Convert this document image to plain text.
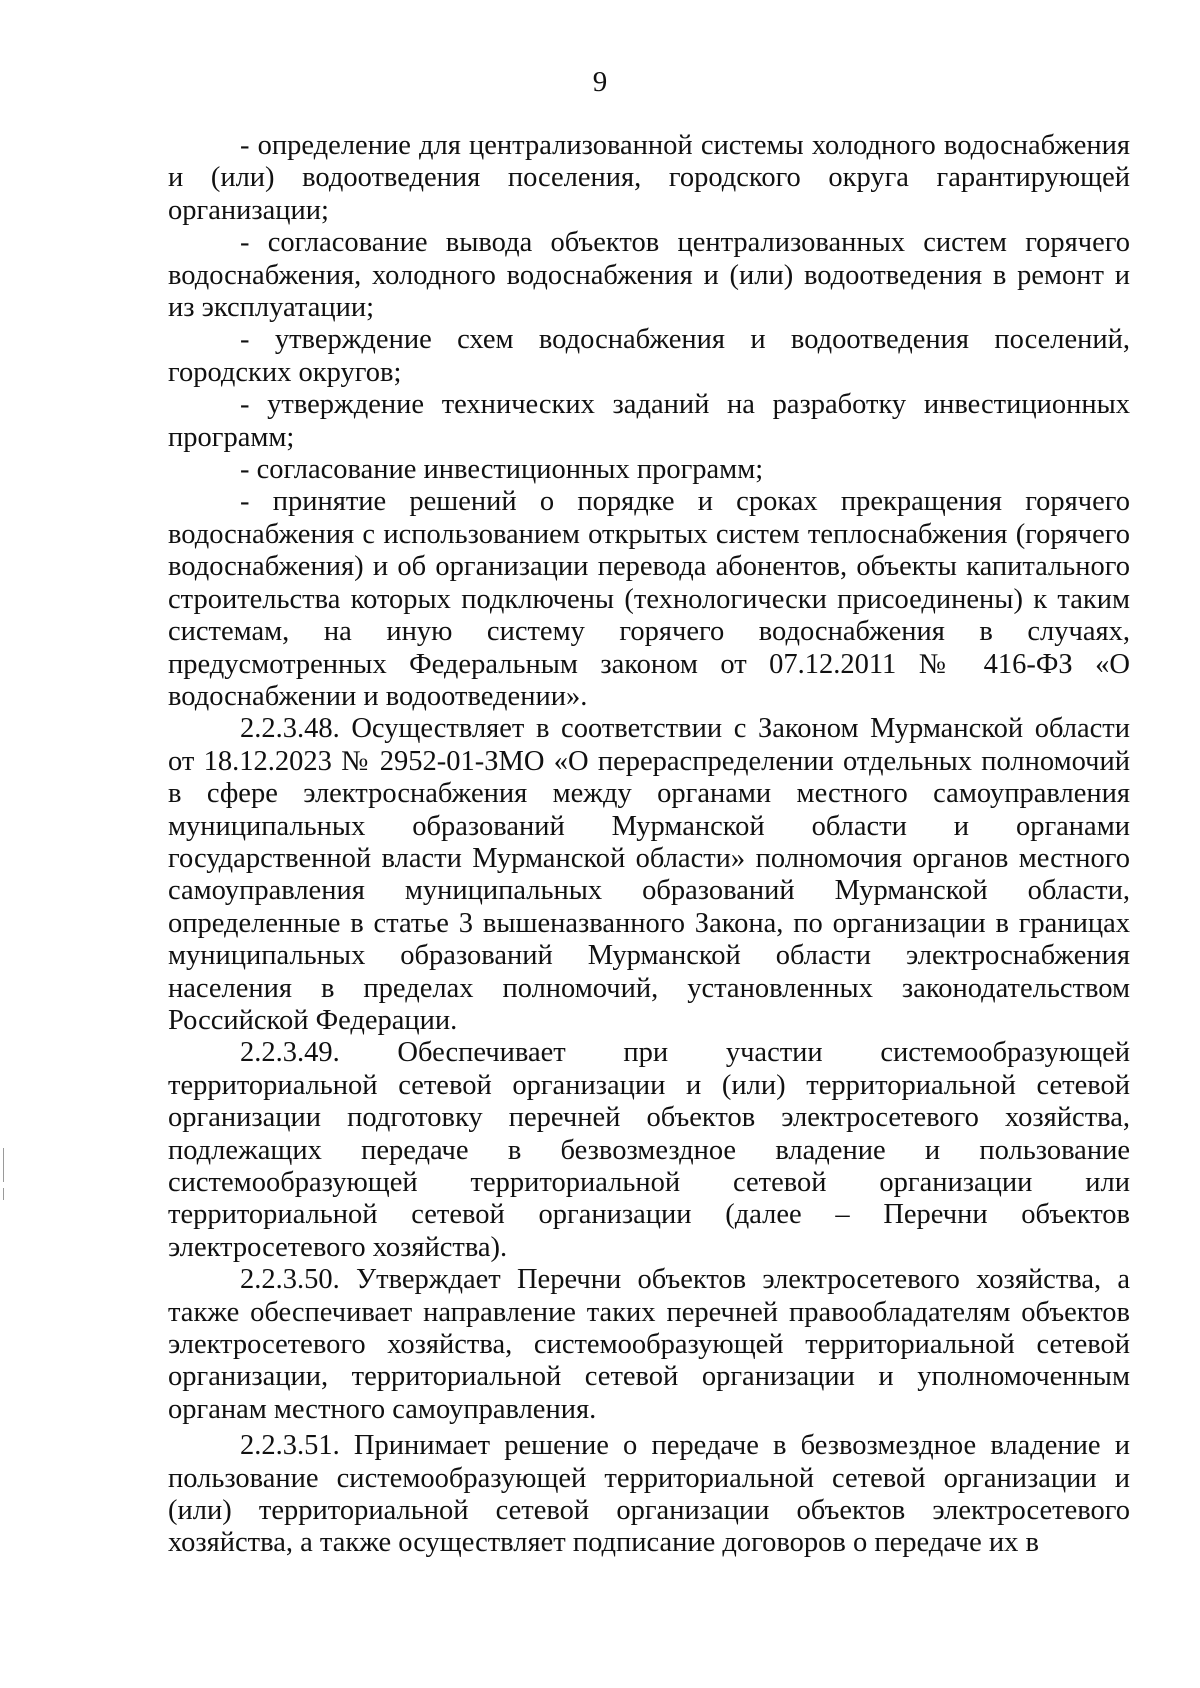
9

- определение для централизованной системы холодного водоснабжения и (или) водоотведения поселения, городского округа гарантирующей организации;

- согласование вывода объектов централизованных систем горячего водоснабжения, холодного водоснабжения и (или) водоотведения в ремонт и из эксплуатации;

- утверждение схем водоснабжения и водоотведения поселений, городских округов;

- утверждение технических заданий на разработку инвестиционных программ;

- согласование инвестиционных программ;

- принятие решений о порядке и сроках прекращения горячего водоснабжения с использованием открытых систем теплоснабжения (горячего водоснабжения) и об организации перевода абонентов, объекты капитального строительства которых подключены (технологически присоединены) к таким системам, на иную систему горячего водоснабжения в случаях, предусмотренных Федеральным законом от 07.12.2011 № 416-ФЗ «О водоснабжении и водоотведении».

2.2.3.48. Осуществляет в соответствии с Законом Мурманской области от 18.12.2023 № 2952-01-ЗМО «О перераспределении отдельных полномочий в сфере электроснабжения между органами местного самоуправления муниципальных образований Мурманской области и органами государственной власти Мурманской области» полномочия органов местного самоуправления муниципальных образований Мурманской области, определенные в статье 3 вышеназванного Закона, по организации в границах муниципальных образований Мурманской области электроснабжения населения в пределах полномочий, установленных законодательством Российской Федерации.

2.2.3.49. Обеспечивает при участии системообразующей территориальной сетевой организации и (или) территориальной сетевой организации подготовку перечней объектов электросетевого хозяйства, подлежащих передаче в безвозмездное владение и пользование системообразующей территориальной сетевой организации или территориальной сетевой организации (далее – Перечни объектов электросетевого хозяйства).

2.2.3.50. Утверждает Перечни объектов электросетевого хозяйства, а также обеспечивает направление таких перечней правообладателям объектов электросетевого хозяйства, системообразующей территориальной сетевой организации, территориальной сетевой организации и уполномоченным органам местного самоуправления.

2.2.3.51. Принимает решение о передаче в безвозмездное владение и пользование системообразующей территориальной сетевой организации и (или) территориальной сетевой организации объектов электросетевого хозяйства, а также осуществляет подписание договоров о передаче их в
